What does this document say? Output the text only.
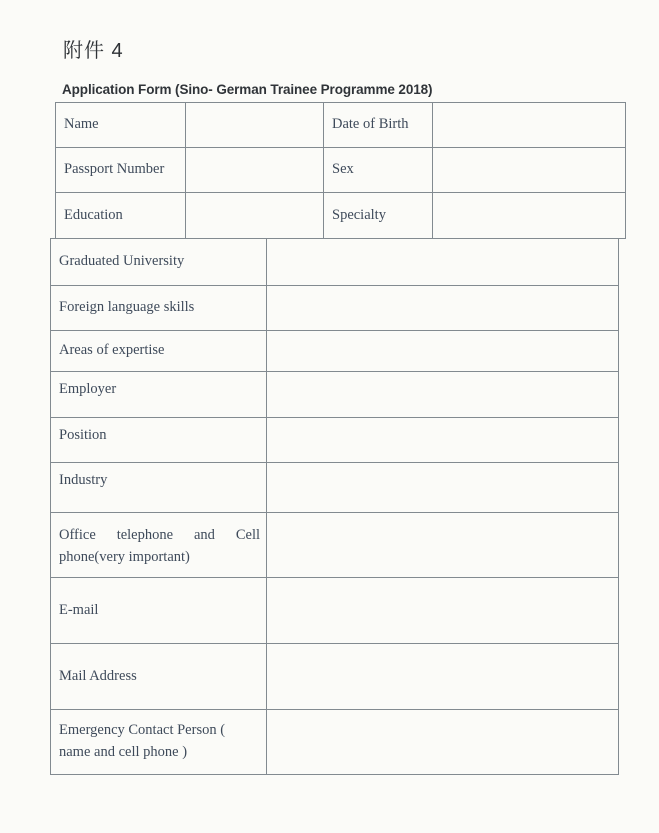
附件 4
Application Form (Sino- German Trainee Programme 2018)
Name		Date of Birth	
Passport Number		Sex	
Education		Specialty	
Graduated University	
Foreign language skills	
Areas of expertise	
Employer	
Position	
Industry	
Office telephone and Cell phone(very important)	
E-mail	
Mail Address	
Emergency Contact Person ( name and cell phone )	
